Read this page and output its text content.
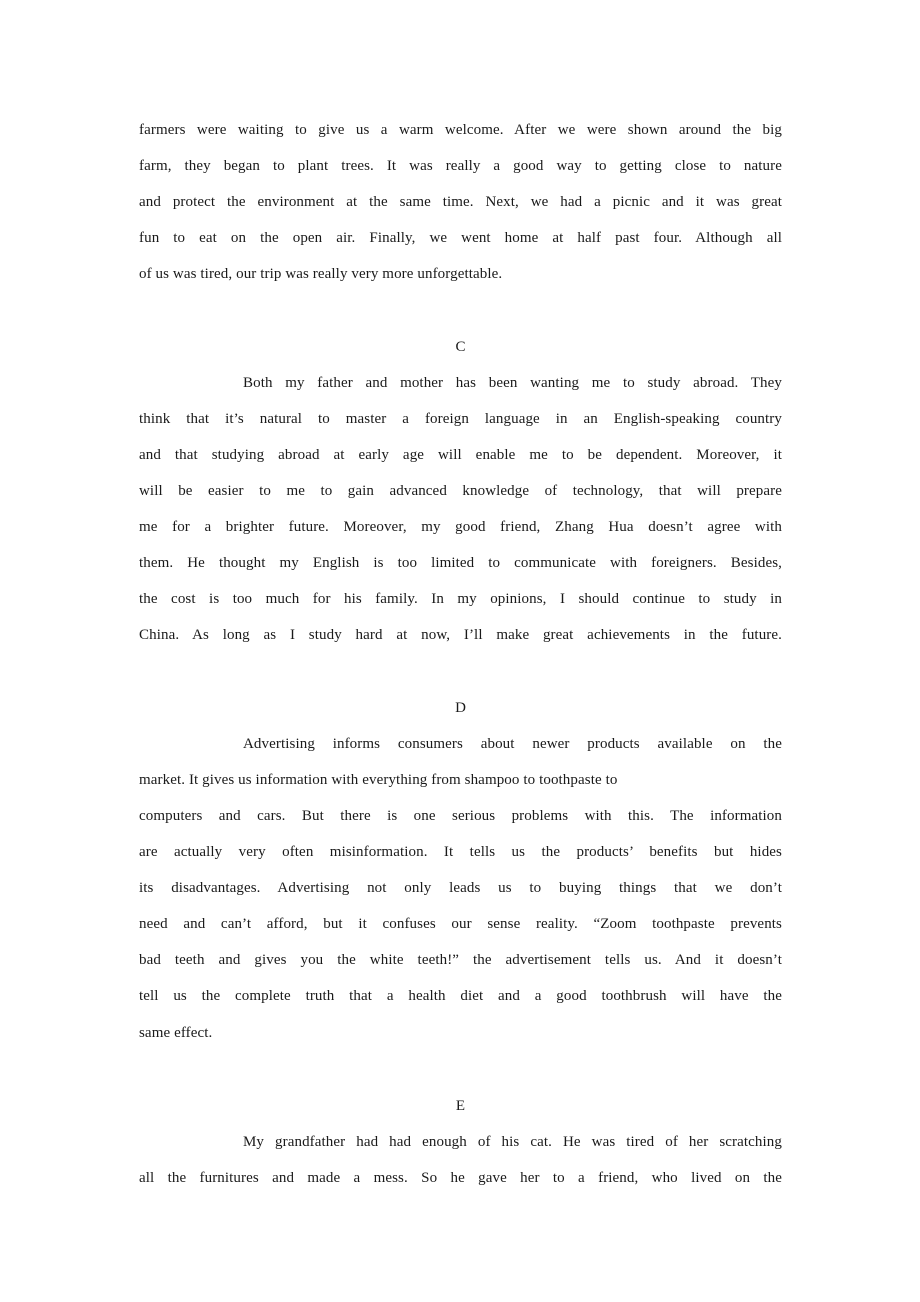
farmers were waiting to give us a warm welcome. After we were shown around the big
farm, they began to plant trees. It was really a good way to getting close to nature
and protect the environment at the same time. Next, we had a picnic and it was great
fun to eat on the open air. Finally, we went home at half past four. Although all
of us was tired, our trip was really very more unforgettable.
C
Both my father and mother has been wanting me to study abroad. They
think that it’s natural to master a foreign language in an English-speaking country
and that studying abroad at early age will enable me to be dependent. Moreover, it
will be easier to me to gain advanced knowledge of technology, that will prepare
me for a brighter future. Moreover, my good friend, Zhang Hua doesn’t agree with
them. He thought my English is too limited to communicate with foreigners. Besides,
the cost is too much for his family. In my opinions, I should continue to study in
China. As long as I study hard at now, I’ll make great achievements in the future.
D
Advertising informs consumers about newer products available on the
market. It gives us information with everything from shampoo to toothpaste to
computers and cars. But there is one serious problems with this. The information
are actually very often misinformation. It tells us the products’ benefits but hides
its disadvantages. Advertising not only leads us to buying things that we don’t
need and can’t afford, but it confuses our sense reality. “Zoom toothpaste prevents
bad teeth and gives you the white teeth!” the advertisement tells us. And it doesn’t
tell us the complete truth that a health diet and a good toothbrush will have the
same effect.
E
My grandfather had had enough of his cat. He was tired of her scratching
all the furnitures and made a mess. So he gave her to a friend, who lived on the
